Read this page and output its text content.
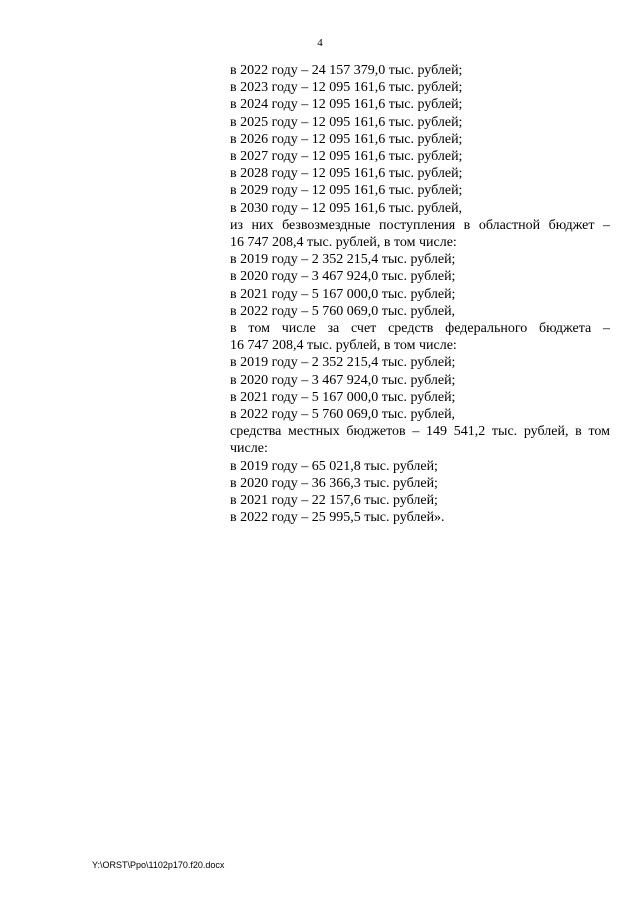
4
в 2022 году – 24 157 379,0 тыс. рублей;
в 2023 году – 12 095 161,6 тыс. рублей;
в 2024 году – 12 095 161,6 тыс. рублей;
в 2025 году – 12 095 161,6 тыс. рублей;
в 2026 году – 12 095 161,6 тыс. рублей;
в 2027 году – 12 095 161,6 тыс. рублей;
в 2028 году – 12 095 161,6 тыс. рублей;
в 2029 году – 12 095 161,6 тыс. рублей;
в 2030 году – 12 095 161,6 тыс. рублей,
из них безвозмездные поступления в областной бюджет –
16 747 208,4 тыс. рублей, в том числе:
в 2019 году – 2 352 215,4 тыс. рублей;
в 2020 году – 3 467 924,0 тыс. рублей;
в 2021 году – 5 167 000,0 тыс. рублей;
в 2022 году – 5 760 069,0 тыс. рублей,
в том числе за счет средств федерального бюджета –
16 747 208,4 тыс. рублей, в том числе:
в 2019 году – 2 352 215,4 тыс. рублей;
в 2020 году – 3 467 924,0 тыс. рублей;
в 2021 году – 5 167 000,0 тыс. рублей;
в 2022 году – 5 760 069,0 тыс. рублей,
средства местных бюджетов – 149 541,2 тыс. рублей, в том
числе:
в 2019 году – 65 021,8 тыс. рублей;
в 2020 году – 36 366,3 тыс. рублей;
в 2021 году – 22 157,6 тыс. рублей;
в 2022 году – 25 995,5 тыс. рублей».
Y:\ORST\Ppo\1102p170.f20.docx
